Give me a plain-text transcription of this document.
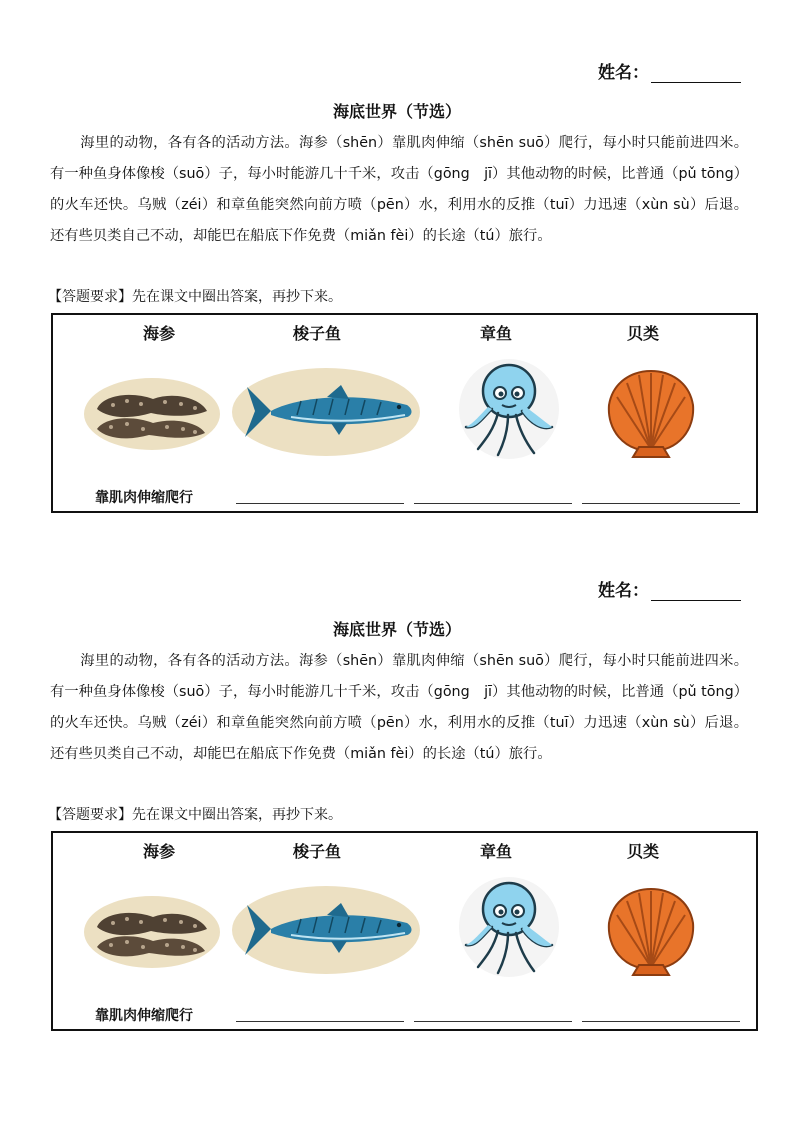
姓名：
海底世界（节选）

海里的动物，各有各的活动方法。海参（shēn）靠肌肉伸缩（shēn suō）爬行，每小时只能前进四米。有一种鱼身体像梭（suō）子，每小时能游几十千米，攻击（gōng　jī）其他动物的时候，比普通（pǔ tōng）的火车还快。乌贼（zéi）和章鱼能突然向前方喷（pēn）水，利用水的反推（tuī）力迅速（xùn sù）后退。还有些贝类自己不动，却能巴在船底下作免费（miǎn fèi）的长途（tú）旅行。

【答题要求】先在课文中圈出答案，再抄下来。
海参	梭子鱼	章鱼	贝类
靠肌肉伸缩爬行
姓名：
海底世界（节选）

海里的动物，各有各的活动方法。海参（shēn）靠肌肉伸缩（shēn suō）爬行，每小时只能前进四米。有一种鱼身体像梭（suō）子，每小时能游几十千米，攻击（gōng　jī）其他动物的时候，比普通（pǔ tōng）的火车还快。乌贼（zéi）和章鱼能突然向前方喷（pēn）水，利用水的反推（tuī）力迅速（xùn sù）后退。还有些贝类自己不动，却能巴在船底下作免费（miǎn fèi）的长途（tú）旅行。

【答题要求】先在课文中圈出答案，再抄下来。
海参	梭子鱼	章鱼	贝类
靠肌肉伸缩爬行
